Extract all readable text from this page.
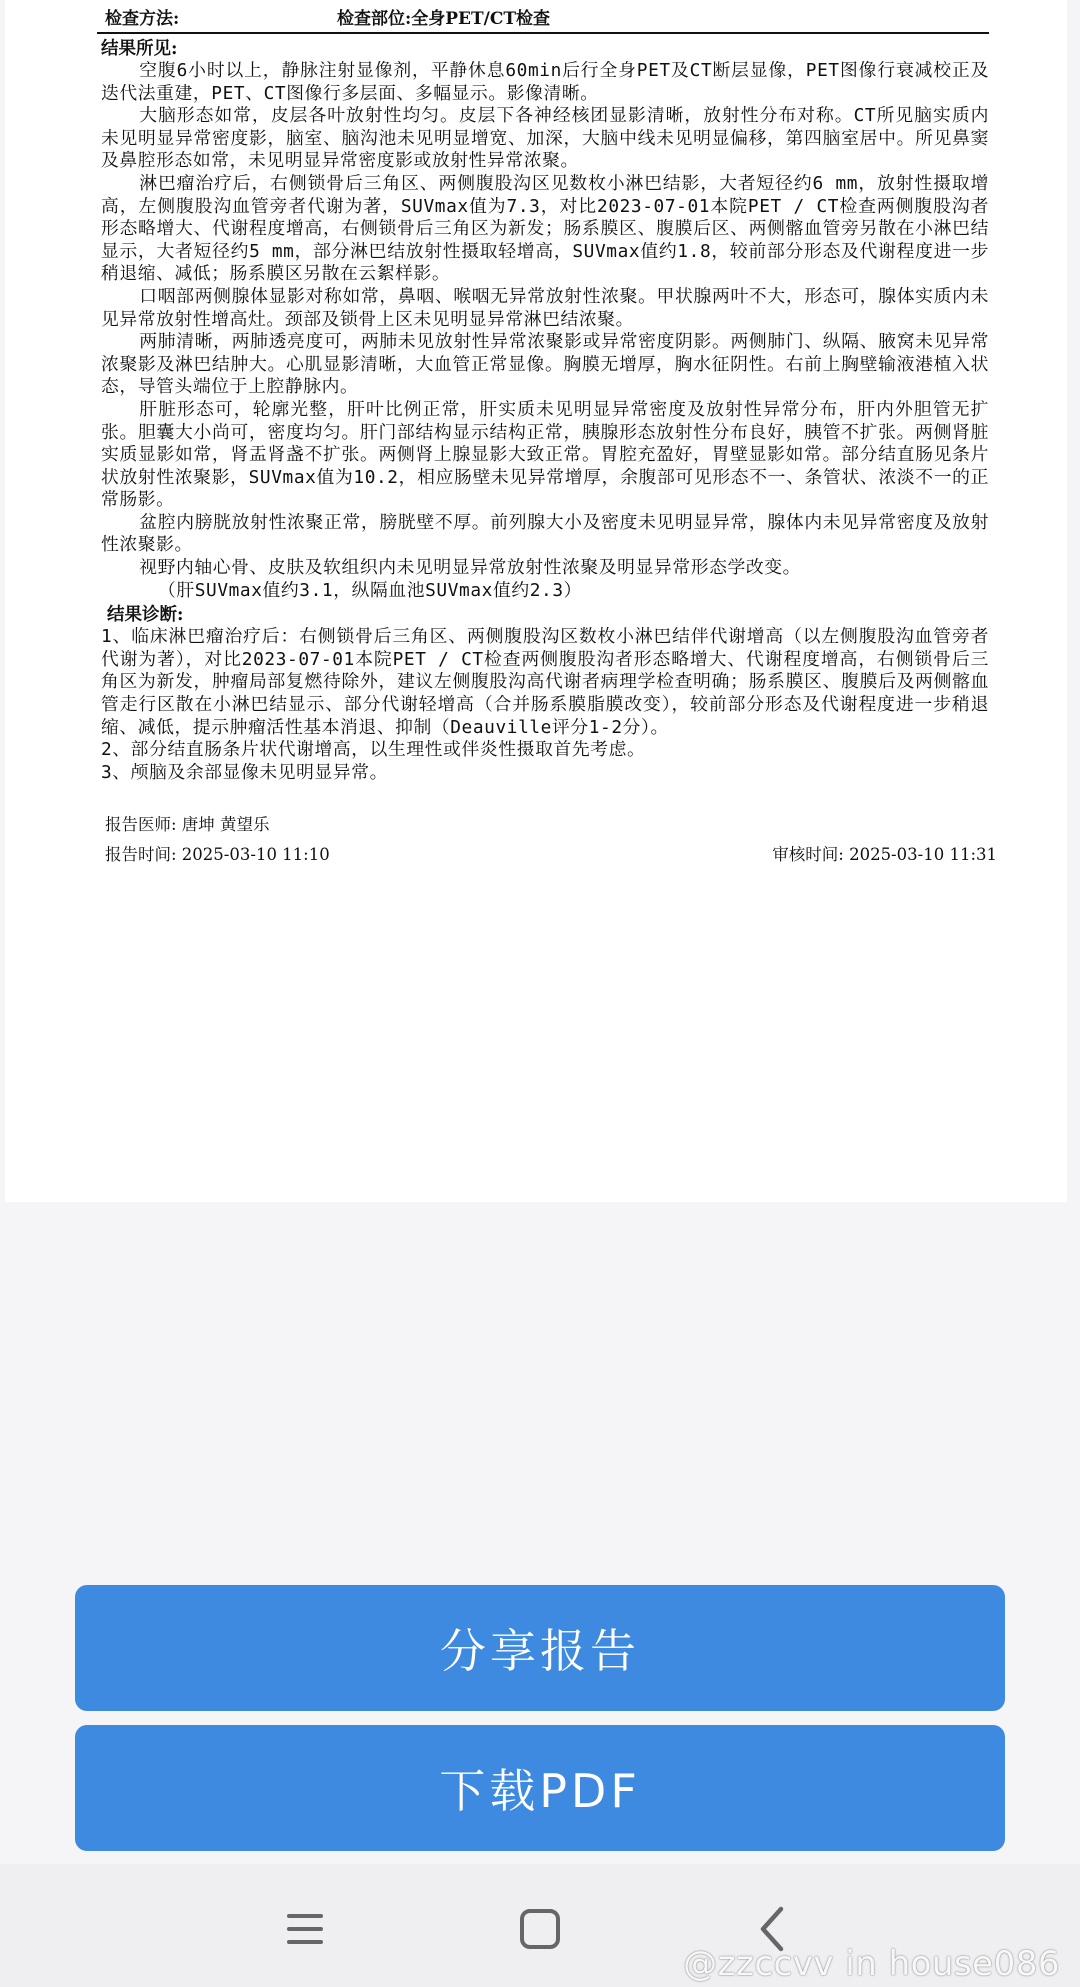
检查方法:	检查部位:全身PET/CT检查
结果所见:

空腹6小时以上，静脉注射显像剂，平静休息60min后行全身PET及CT断层显像，PET图像行衰减校正及迭代法重建，PET、CT图像行多层面、多幅显示。影像清晰。

大脑形态如常，皮层各叶放射性均匀。皮层下各神经核团显影清晰，放射性分布对称。CT所见脑实质内未见明显异常密度影，脑室、脑沟池未见明显增宽、加深，大脑中线未见明显偏移，第四脑室居中。所见鼻窦及鼻腔形态如常，未见明显异常密度影或放射性异常浓聚。

淋巴瘤治疗后，右侧锁骨后三角区、两侧腹股沟区见数枚小淋巴结影，大者短径约6 mm，放射性摄取增高，左侧腹股沟血管旁者代谢为著，SUVmax值为7.3，对比2023-07-01本院PET / CT检查两侧腹股沟者形态略增大、代谢程度增高，右侧锁骨后三角区为新发；肠系膜区、腹膜后区、两侧髂血管旁另散在小淋巴结显示，大者短径约5 mm，部分淋巴结放射性摄取轻增高，SUVmax值约1.8，较前部分形态及代谢程度进一步稍退缩、减低；肠系膜区另散在云絮样影。

口咽部两侧腺体显影对称如常，鼻咽、喉咽无异常放射性浓聚。甲状腺两叶不大，形态可，腺体实质内未见异常放射性增高灶。颈部及锁骨上区未见明显异常淋巴结浓聚。

两肺清晰，两肺透亮度可，两肺未见放射性异常浓聚影或异常密度阴影。两侧肺门、纵隔、腋窝未见异常浓聚影及淋巴结肿大。心肌显影清晰，大血管正常显像。胸膜无增厚，胸水征阴性。右前上胸壁输液港植入状态，导管头端位于上腔静脉内。

肝脏形态可，轮廓光整，肝叶比例正常，肝实质未见明显异常密度及放射性异常分布，肝内外胆管无扩张。胆囊大小尚可，密度均匀。肝门部结构显示结构正常，胰腺形态放射性分布良好，胰管不扩张。两侧肾脏实质显影如常，肾盂肾盏不扩张。两侧肾上腺显影大致正常。胃腔充盈好，胃壁显影如常。部分结直肠见条片状放射性浓聚影，SUVmax值为10.2，相应肠壁未见异常增厚，余腹部可见形态不一、条管状、浓淡不一的正常肠影。

盆腔内膀胱放射性浓聚正常，膀胱壁不厚。前列腺大小及密度未见明显异常，腺体内未见异常密度及放射性浓聚影。

视野内轴心骨、皮肤及软组织内未见明显异常放射性浓聚及明显异常形态学改变。

（肝SUVmax值约3.1，纵隔血池SUVmax值约2.3）

结果诊断:

1、临床淋巴瘤治疗后：右侧锁骨后三角区、两侧腹股沟区数枚小淋巴结伴代谢增高（以左侧腹股沟血管旁者代谢为著），对比2023-07-01本院PET / CT检查两侧腹股沟者形态略增大、代谢程度增高，右侧锁骨后三角区为新发，肿瘤局部复燃待除外，建议左侧腹股沟高代谢者病理学检查明确；肠系膜区、腹膜后及两侧髂血管走行区散在小淋巴结显示、部分代谢轻增高（合并肠系膜脂膜改变），较前部分形态及代谢程度进一步稍退缩、减低，提示肿瘤活性基本消退、抑制（Deauville评分1-2分）。

2、部分结直肠条片状代谢增高，以生理性或伴炎性摄取首先考虑。

3、颅脑及余部显像未见明显异常。

报告医师: 唐坤 黄望乐
报告时间: 2025-03-10 11:10	审核时间: 2025-03-10 11:31
分享报告
下载PDF
@zzccvv in house086
